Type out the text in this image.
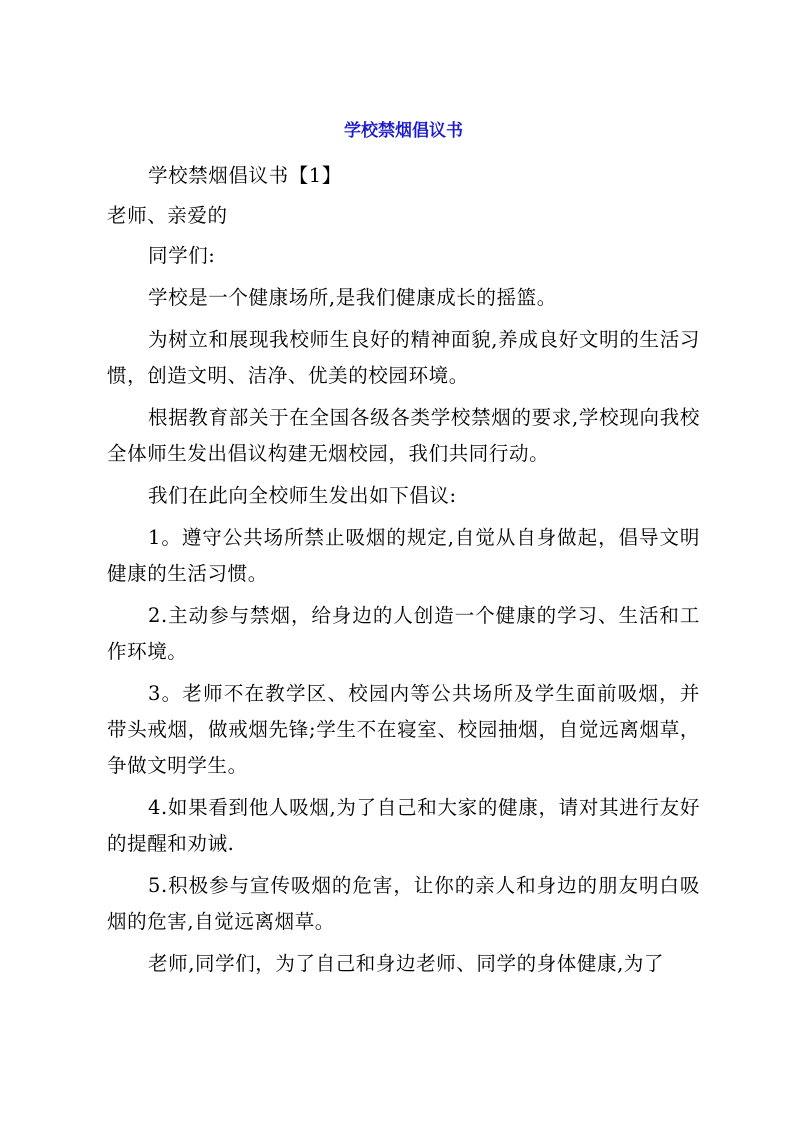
学校禁烟倡议书

学校禁烟倡议书【1】

老师、亲爱的

同学们:

学校是一个健康场所,是我们健康成长的摇篮。

为树立和展现我校师生良好的精神面貌,养成良好文明的生活习惯，创造文明、洁净、优美的校园环境。

根据教育部关于在全国各级各类学校禁烟的要求,学校现向我校全体师生发出倡议构建无烟校园，我们共同行动。

我们在此向全校师生发出如下倡议:

1。遵守公共场所禁止吸烟的规定,自觉从自身做起，倡导文明健康的生活习惯。

2.主动参与禁烟，给身边的人创造一个健康的学习、生活和工作环境。

3。老师不在教学区、校园内等公共场所及学生面前吸烟，并带头戒烟，做戒烟先锋;学生不在寝室、校园抽烟，自觉远离烟草，争做文明学生。

4.如果看到他人吸烟,为了自己和大家的健康，请对其进行友好的提醒和劝诫.

5.积极参与宣传吸烟的危害，让你的亲人和身边的朋友明白吸烟的危害,自觉远离烟草。

老师,同学们，为了自己和身边老师、同学的身体健康,为了
